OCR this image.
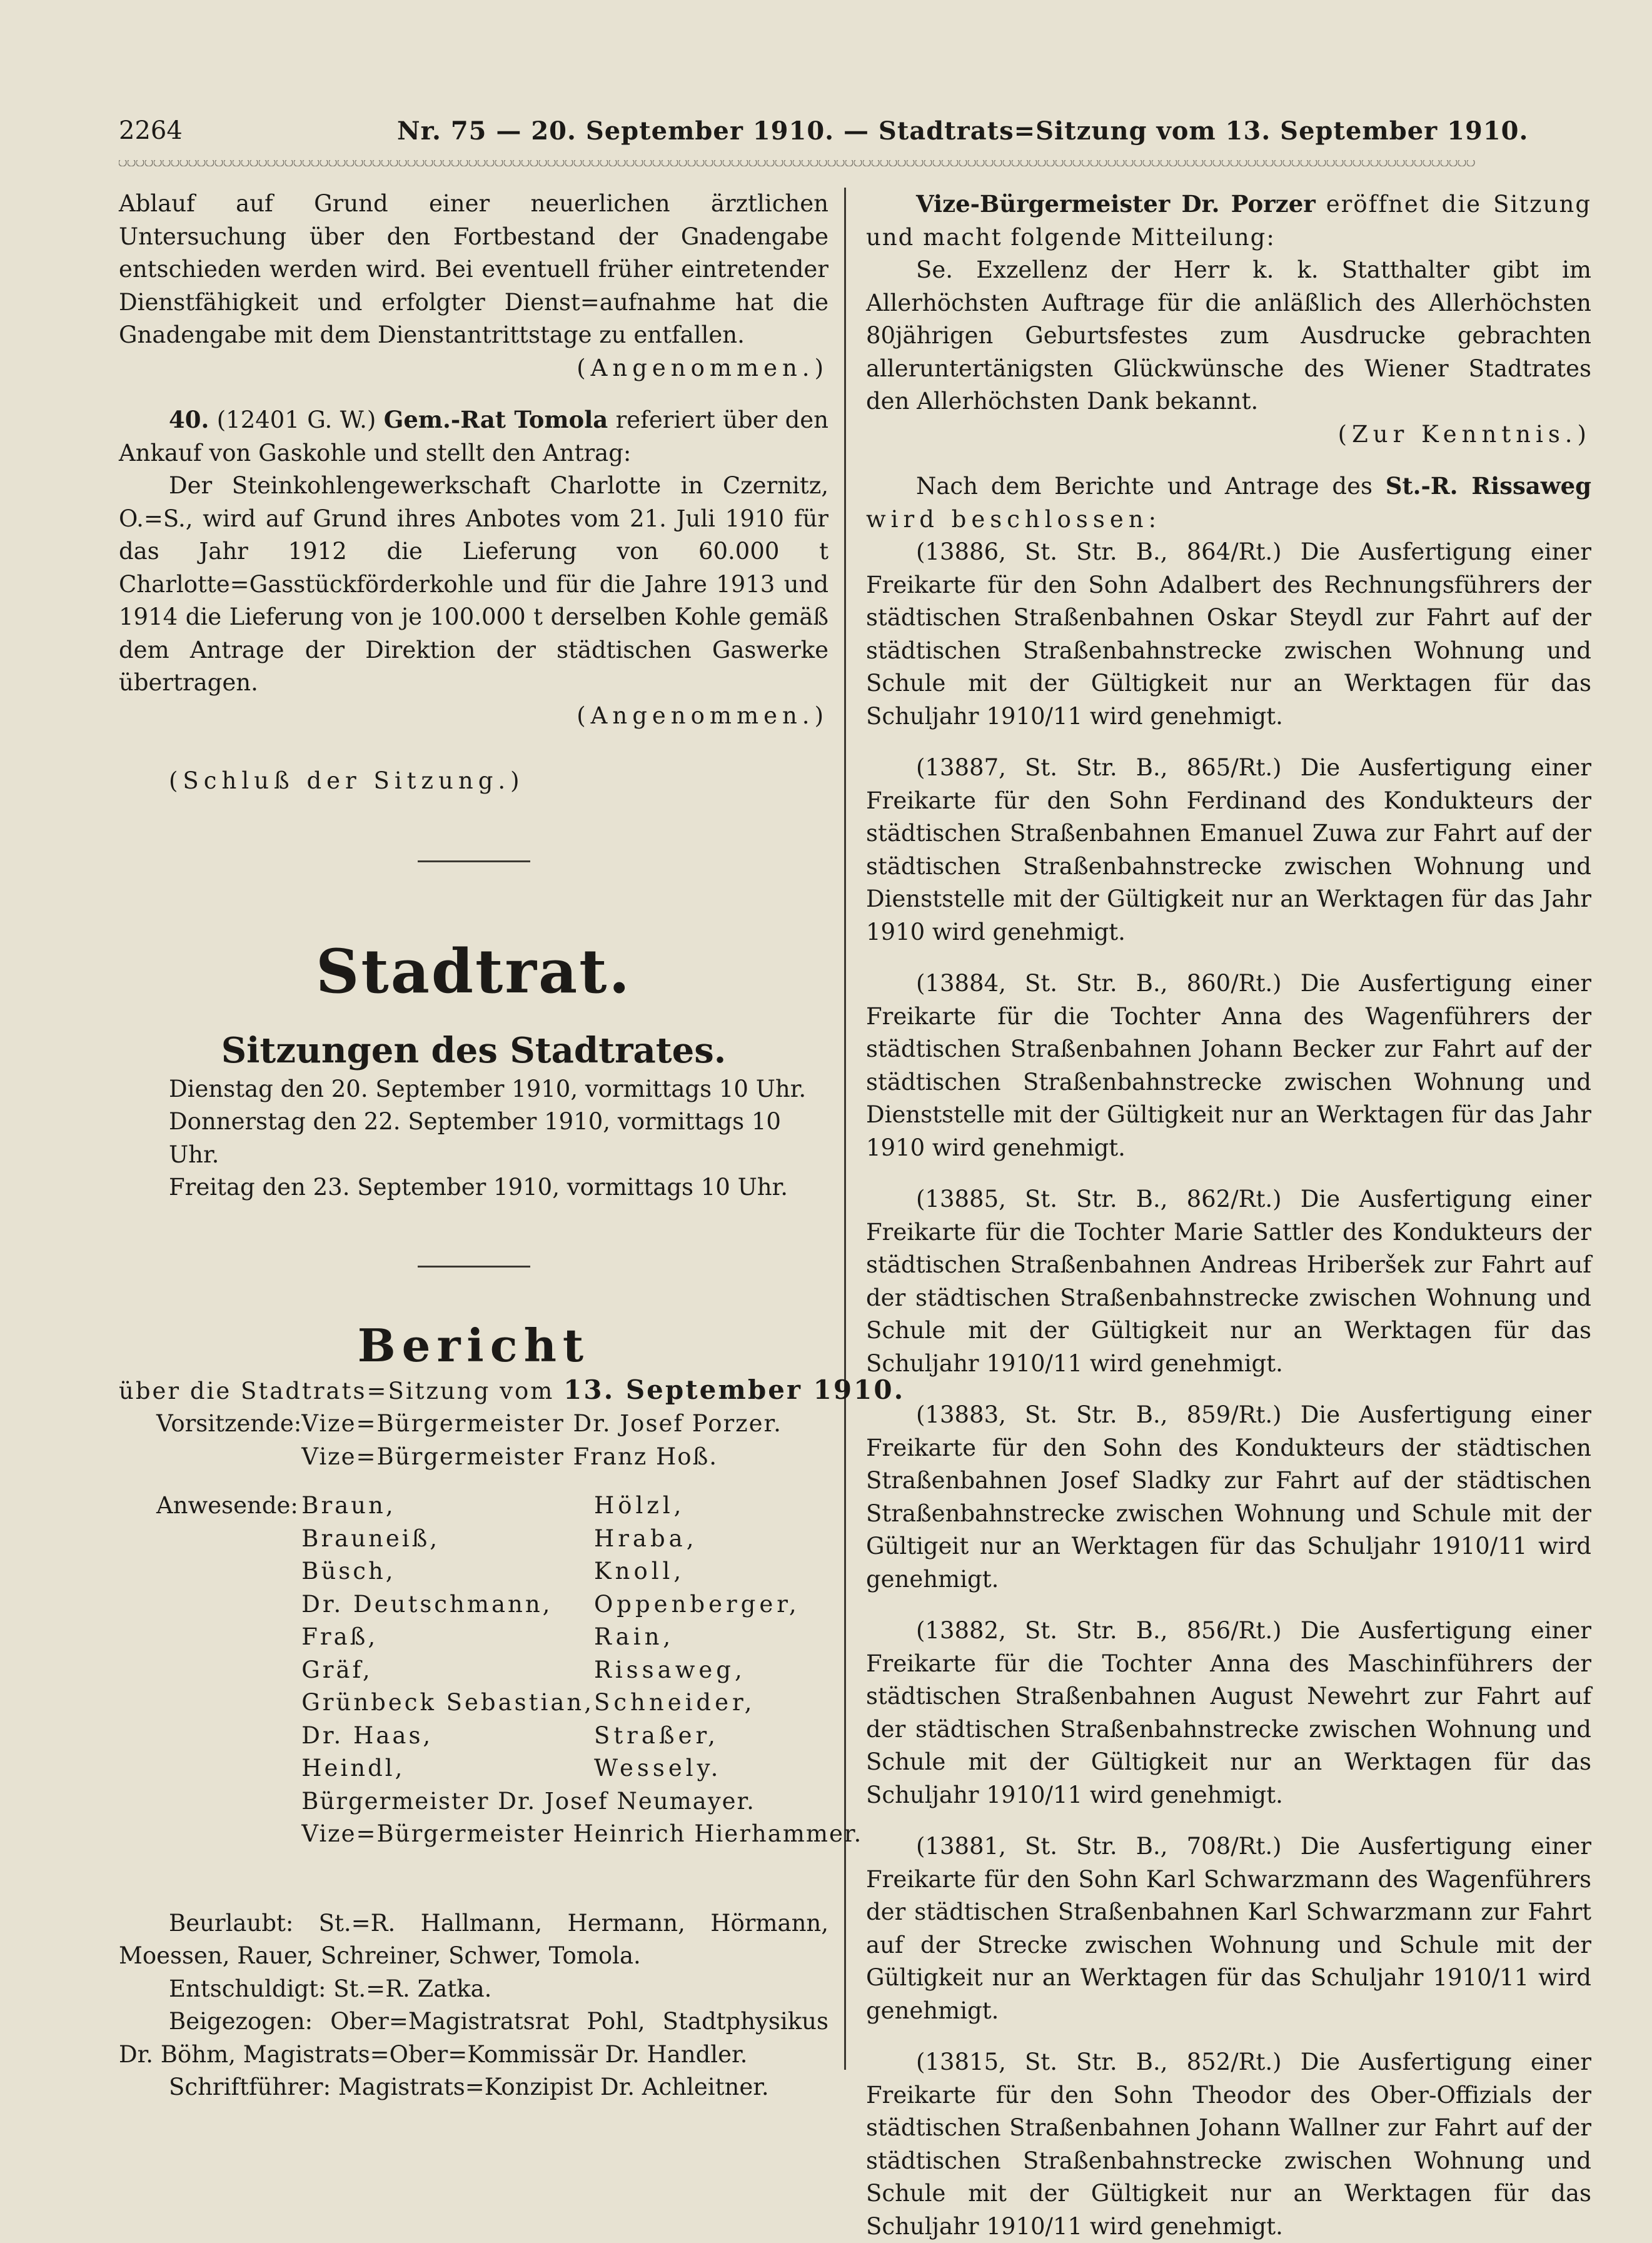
2264	Nr. 75 — 20. September 1910. — Stadtrats=Sitzung vom 13. September 1910.

Ablauf auf Grund einer neuerlichen ärztlichen Untersuchung über den Fortbestand der Gnadengabe entschieden werden wird. Bei eventuell früher eintretender Dienstfähigkeit und erfolgter Dienst=aufnahme hat die Gnadengabe mit dem Dienstantrittstage zu entfallen.

(Angenommen.)

40. (12401 G. W.) Gem.-Rat Tomola referiert über den Ankauf von Gaskohle und stellt den Antrag:

Der Steinkohlengewerkschaft Charlotte in Czernitz, O.=S., wird auf Grund ihres Anbotes vom 21. Juli 1910 für das Jahr 1912 die Lieferung von 60.000 t Charlotte=Gasstückförderkohle und für die Jahre 1913 und 1914 die Lieferung von je 100.000 t derselben Kohle gemäß dem Antrage der Direktion der städtischen Gaswerke übertragen.

(Angenommen.)

(Schluß der Sitzung.)

Stadtrat.
Sitzungen des Stadtrates.
Dienstag den 20. September 1910, vormittags 10 Uhr.
Donnerstag den 22. September 1910, vormittags 10 Uhr.
Freitag den 23. September 1910, vormittags 10 Uhr.
Bericht
über die Stadtrats=Sitzung vom 13. September 1910.
Vorsitzende:	Vize=Bürgermeister Dr. Josef Porzer.	
	Vize=Bürgermeister Franz Hoß.	

Anwesende:	Braun,	Hölzl,
	Brauneiß,	Hraba,
	Büsch,	Knoll,
	Dr. Deutschmann,	Oppenberger,
	Fraß,	Rain,
	Gräf,	Rissaweg,
	Grünbeck Sebastian,	Schneider,
	Dr. Haas,	Straßer,
	Heindl,	Wessely.
	Bürgermeister Dr. Josef Neumayer.	
	Vize=Bürgermeister Heinrich Hierhammer.	

Beurlaubt: St.=R. Hallmann, Hermann, Hörmann, Moessen, Rauer, Schreiner, Schwer, Tomola.

Entschuldigt: St.=R. Zatka.

Beigezogen: Ober=Magistratsrat Pohl, Stadtphysikus Dr. Böhm, Magistrats=Ober=Kommissär Dr. Handler.

Schriftführer: Magistrats=Konzipist Dr. Achleitner.

Vize-Bürgermeister Dr. Porzer eröffnet die Sitzung und macht folgende Mitteilung:

Se. Exzellenz der Herr k. k. Statthalter gibt im Allerhöchsten Auftrage für die anläßlich des Allerhöchsten 80jährigen Geburtsfestes zum Ausdrucke gebrachten alleruntertänigsten Glückwünsche des Wiener Stadtrates den Allerhöchsten Dank bekannt.

(Zur Kenntnis.)

Nach dem Berichte und Antrage des St.-R. Rissaweg wird beschlossen:

(13886, St. Str. B., 864/Rt.) Die Ausfertigung einer Freikarte für den Sohn Adalbert des Rechnungsführers der städtischen Straßenbahnen Oskar Steydl zur Fahrt auf der städtischen Straßenbahnstrecke zwischen Wohnung und Schule mit der Gültigkeit nur an Werktagen für das Schuljahr 1910/11 wird genehmigt.

(13887, St. Str. B., 865/Rt.) Die Ausfertigung einer Freikarte für den Sohn Ferdinand des Kondukteurs der städtischen Straßenbahnen Emanuel Zuwa zur Fahrt auf der städtischen Straßenbahnstrecke zwischen Wohnung und Dienststelle mit der Gültigkeit nur an Werktagen für das Jahr 1910 wird genehmigt.

(13884, St. Str. B., 860/Rt.) Die Ausfertigung einer Freikarte für die Tochter Anna des Wagenführers der städtischen Straßenbahnen Johann Becker zur Fahrt auf der städtischen Straßenbahnstrecke zwischen Wohnung und Dienststelle mit der Gültigkeit nur an Werktagen für das Jahr 1910 wird genehmigt.

(13885, St. Str. B., 862/Rt.) Die Ausfertigung einer Freikarte für die Tochter Marie Sattler des Kondukteurs der städtischen Straßenbahnen Andreas Hriberšek zur Fahrt auf der städtischen Straßenbahnstrecke zwischen Wohnung und Schule mit der Gültigkeit nur an Werktagen für das Schuljahr 1910/11 wird genehmigt.

(13883, St. Str. B., 859/Rt.) Die Ausfertigung einer Freikarte für den Sohn des Kondukteurs der städtischen Straßenbahnen Josef Sladky zur Fahrt auf der städtischen Straßenbahnstrecke zwischen Wohnung und Schule mit der Gültigeit nur an Werktagen für das Schuljahr 1910/11 wird genehmigt.

(13882, St. Str. B., 856/Rt.) Die Ausfertigung einer Freikarte für die Tochter Anna des Maschinführers der städtischen Straßenbahnen August Newehrt zur Fahrt auf der städtischen Straßenbahnstrecke zwischen Wohnung und Schule mit der Gültigkeit nur an Werktagen für das Schuljahr 1910/11 wird genehmigt.

(13881, St. Str. B., 708/Rt.) Die Ausfertigung einer Freikarte für den Sohn Karl Schwarzmann des Wagenführers der städtischen Straßenbahnen Karl Schwarzmann zur Fahrt auf der Strecke zwischen Wohnung und Schule mit der Gültigkeit nur an Werktagen für das Schuljahr 1910/11 wird genehmigt.

(13815, St. Str. B., 852/Rt.) Die Ausfertigung einer Freikarte für den Sohn Theodor des Ober-Offizials der städtischen Straßenbahnen Johann Wallner zur Fahrt auf der städtischen Straßenbahnstrecke zwischen Wohnung und Schule mit der Gültigkeit nur an Werktagen für das Schuljahr 1910/11 wird genehmigt.
